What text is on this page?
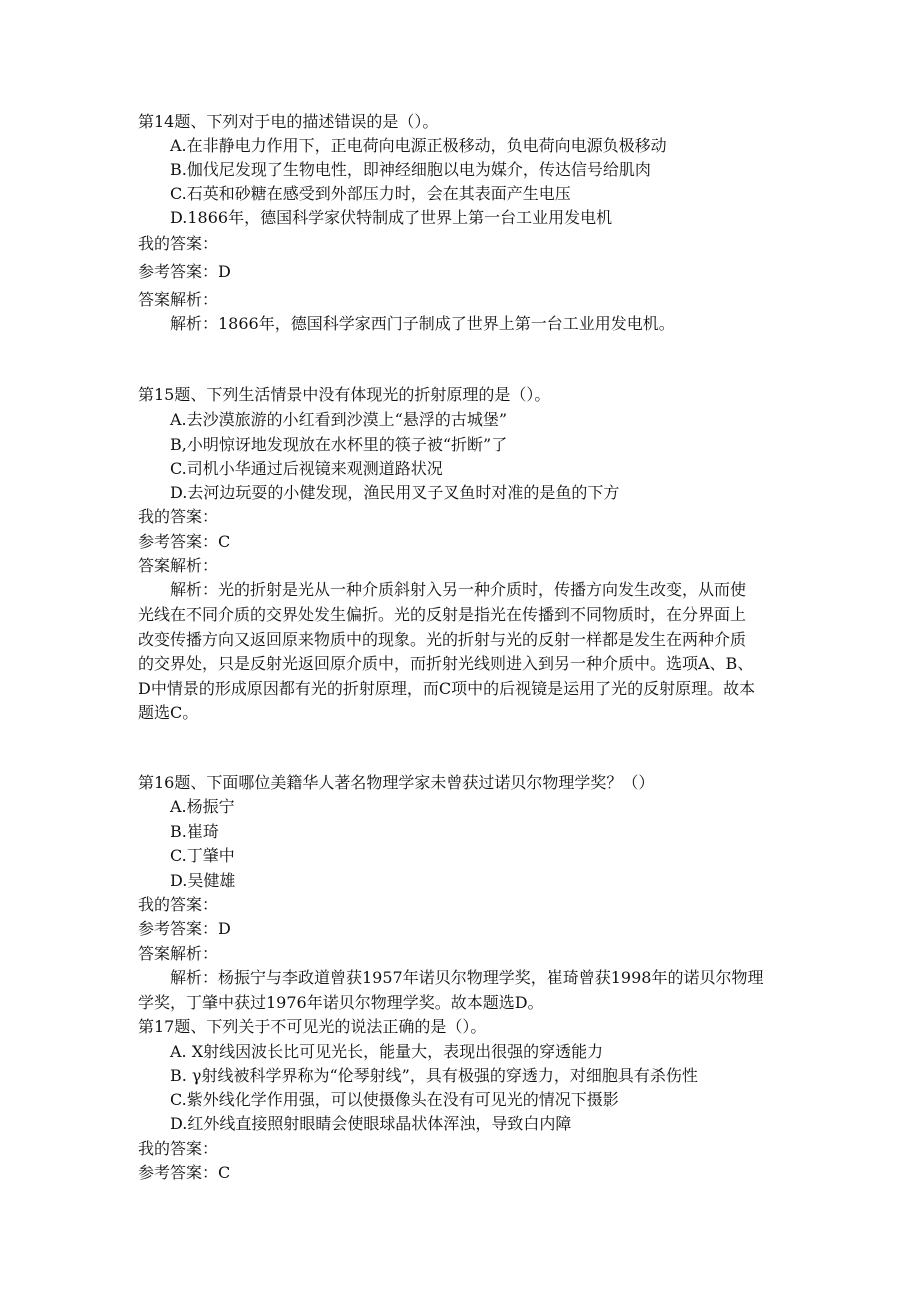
第14题、下列对于电的描述错误的是（）。
A.在非静电力作用下，正电荷向电源正极移动，负电荷向电源负极移动
B.伽伐尼发现了生物电性，即神经细胞以电为媒介，传达信号给肌肉
C.石英和砂糖在感受到外部压力时，会在其表面产生电压
D.1866年，德国科学家伏特制成了世界上第一台工业用发电机
我的答案：
参考答案：D
答案解析：
解析：1866年，德国科学家西门子制成了世界上第一台工业用发电机。
第15题、下列生活情景中没有体现光的折射原理的是（）。
A.去沙漠旅游的小红看到沙漠上“悬浮的古城堡”
B,小明惊讶地发现放在水杯里的筷子被“折断”了
C.司机小华通过后视镜来观测道路状况
D.去河边玩耍的小健发现，渔民用叉子叉鱼时对准的是鱼的下方
我的答案：
参考答案：C
答案解析：
解析：光的折射是光从一种介质斜射入另一种介质时，传播方向发生改变，从而使
光线在不同介质的交界处发生偏折。光的反射是指光在传播到不同物质时，在分界面上
改变传播方向又返回原来物质中的现象。光的折射与光的反射一样都是发生在两种介质
的交界处，只是反射光返回原介质中，而折射光线则进入到另一种介质中。选项A、B、
D中情景的形成原因都有光的折射原理，而C项中的后视镜是运用了光的反射原理。故本
题选C。
第16题、下面哪位美籍华人著名物理学家未曾获过诺贝尔物理学奖？（）
A.杨振宁
B.崔琦
C.丁肇中
D.吴健雄
我的答案：
参考答案：D
答案解析：
解析：杨振宁与李政道曾获1957年诺贝尔物理学奖，崔琦曾获1998年的诺贝尔物理
学奖，丁肇中获过1976年诺贝尔物理学奖。故本题选D。
第17题、下列关于不可见光的说法正确的是（）。
A. X射线因波长比可见光长，能量大，表现出很强的穿透能力
B. γ射线被科学界称为“伦琴射线”，具有极强的穿透力，对细胞具有杀伤性
C.紫外线化学作用强，可以使摄像头在没有可见光的情况下摄影
D.红外线直接照射眼睛会使眼球晶状体浑浊，导致白内障
我的答案：
参考答案：C
